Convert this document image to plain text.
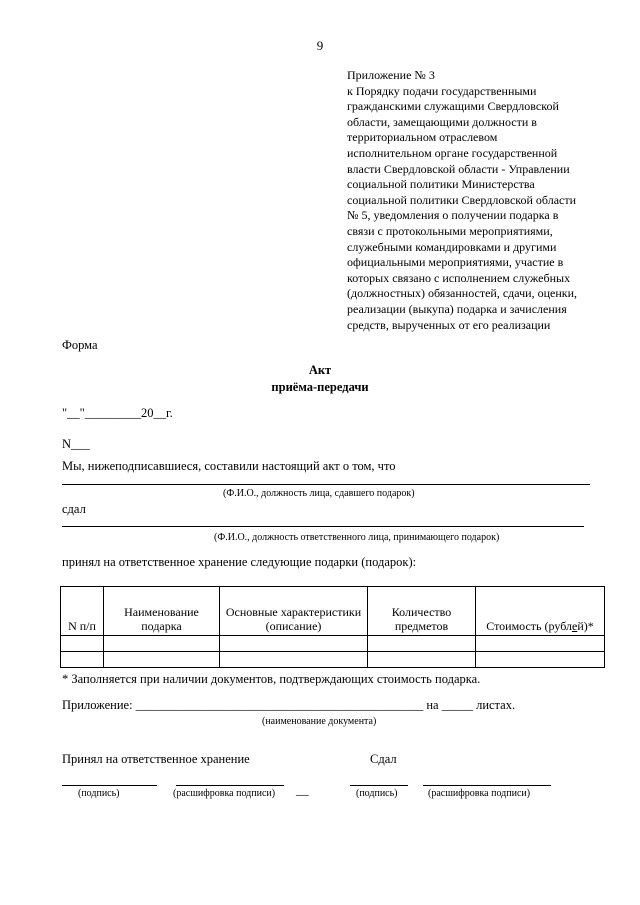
9
Приложение № 3
к Порядку подачи государственными
гражданскими служащими Свердловской
области, замещающими должности в
территориальном отраслевом
исполнительном органе государственной
власти Свердловской области - Управлении
социальной политики Министерства
социальной политики Свердловской области
№ 5, уведомления о получении подарка в
связи с протокольными мероприятиями,
служебными командировками и другими
официальными мероприятиями, участие в
которых связано с исполнением служебных
(должностных) обязанностей, сдачи, оценки,
реализации (выкупа) подарка и зачисления
средств, вырученных от его реализации
Форма
Акт
приёма-передачи
"__"_________20__г.
N___
Мы, нижеподписавшиеся, составили настоящий акт о том, что
(Ф.И.О., должность лица, сдавшего подарок)
сдал
(Ф.И.О., должность ответственного лица, принимающего подарок)
принял на ответственное хранение следующие подарки (подарок):
N п/п	Наименование подарка	Основные характеристики (описание)	Количество предметов	Стоимость (рублей)*

* Заполняется при наличии документов, подтверждающих стоимость подарка.
Приложение: ______________________________________________ на _____ листах.
(наименование документа)
Принял на ответственное хранение	Сдал
(подпись)	(расшифровка подписи) __	(подпись)	(расшифровка подписи)
